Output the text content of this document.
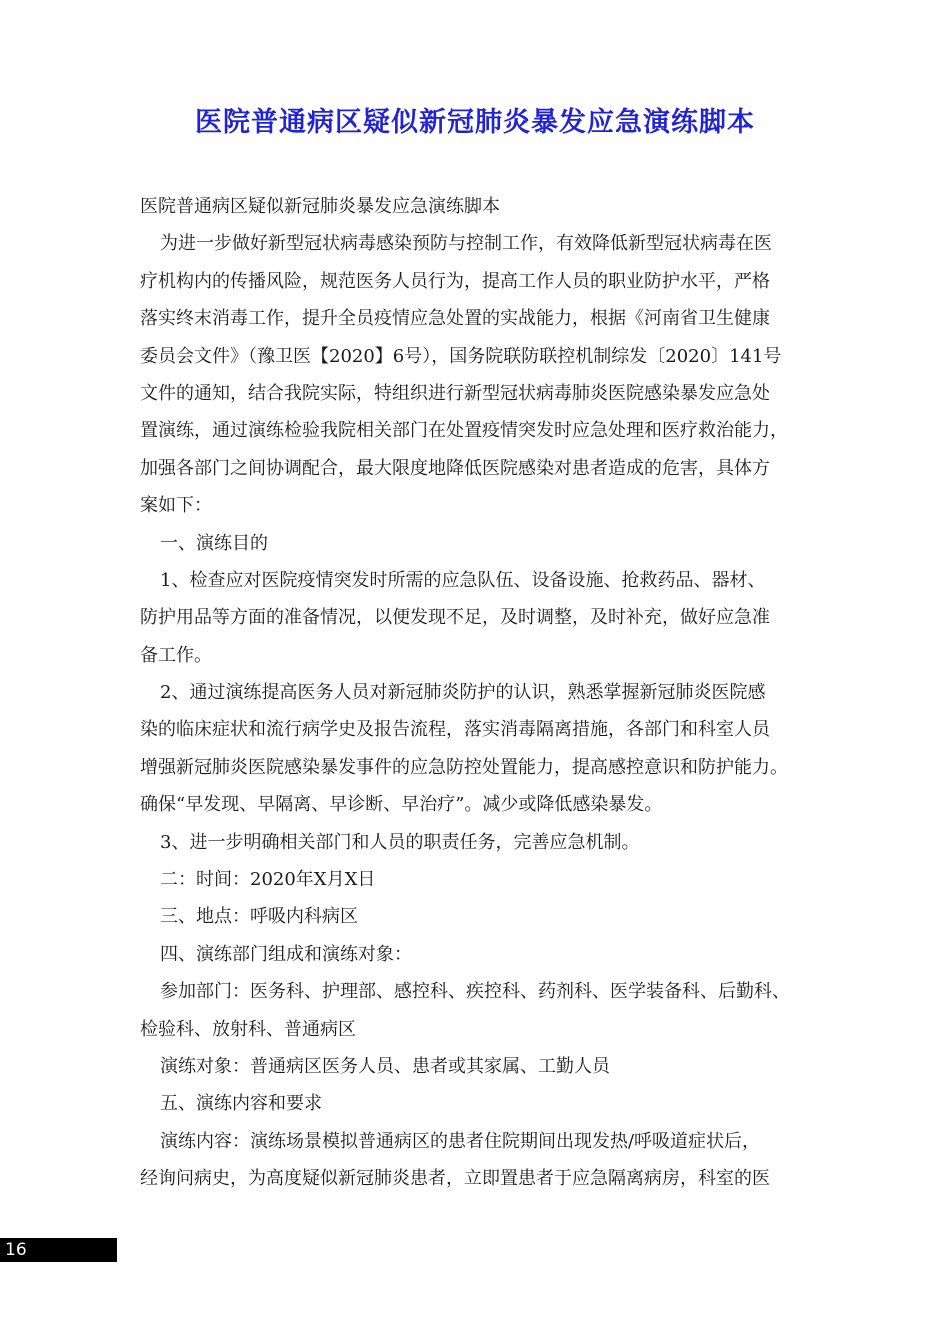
医院普通病区疑似新冠肺炎暴发应急演练脚本
医院普通病区疑似新冠肺炎暴发应急演练脚本
为进一步做好新型冠状病毒感染预防与控制工作，有效降低新型冠状病毒在医
疗机构内的传播风险，规范医务人员行为，提高工作人员的职业防护水平，严格
落实终末消毒工作，提升全员疫情应急处置的实战能力，根据《河南省卫生健康
委员会文件》（豫卫医【2020】6号），国务院联防联控机制综发〔2020〕141号
文件的通知，结合我院实际，特组织进行新型冠状病毒肺炎医院感染暴发应急处
置演练，通过演练检验我院相关部门在处置疫情突发时应急处理和医疗救治能力，
加强各部门之间协调配合，最大限度地降低医院感染对患者造成的危害，具体方
案如下：
一、演练目的
1、检查应对医院疫情突发时所需的应急队伍、设备设施、抢救药品、器材、
防护用品等方面的准备情况，以便发现不足，及时调整，及时补充，做好应急准
备工作。
2、通过演练提高医务人员对新冠肺炎防护的认识，熟悉掌握新冠肺炎医院感
染的临床症状和流行病学史及报告流程，落实消毒隔离措施，各部门和科室人员
增强新冠肺炎医院感染暴发事件的应急防控处置能力，提高感控意识和防护能力。
确保“早发现、早隔离、早诊断、早治疗”。减少或降低感染暴发。
3、进一步明确相关部门和人员的职责任务，完善应急机制。
二：时间：2020年X月X日
三、地点：呼吸内科病区
四、演练部门组成和演练对象：
参加部门：医务科、护理部、感控科、疾控科、药剂科、医学装备科、后勤科、
检验科、放射科、普通病区
演练对象：普通病区医务人员、患者或其家属、工勤人员
五、演练内容和要求
演练内容：演练场景模拟普通病区的患者住院期间出现发热/呼吸道症状后，
经询问病史，为高度疑似新冠肺炎患者，立即置患者于应急隔离病房，科室的医
16
